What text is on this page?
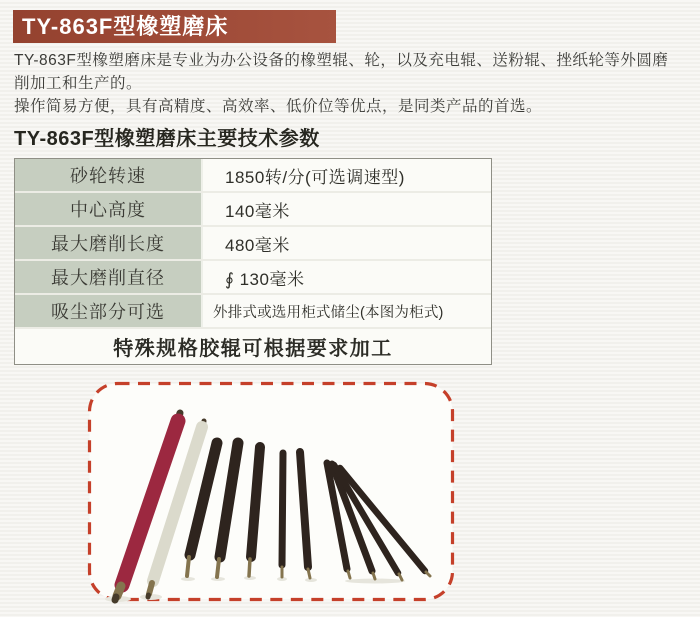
TY-863F型橡塑磨床

TY-863F型橡塑磨床是专业为办公设备的橡塑辊、轮，以及充电辊、送粉辊、挫纸轮等外圆磨削加工和生产的。

操作简易方便，具有高精度、高效率、低价位等优点，是同类产品的首选。

TY-863F型橡塑磨床主要技术参数
砂轮转速	1850转/分(可选调速型)
中心高度	140毫米
最大磨削长度	480毫米
最大磨削直径	∮ 130毫米
吸尘部分可选	外排式或选用柜式储尘(本图为柜式)
特殊规格胶辊可根据要求加工
